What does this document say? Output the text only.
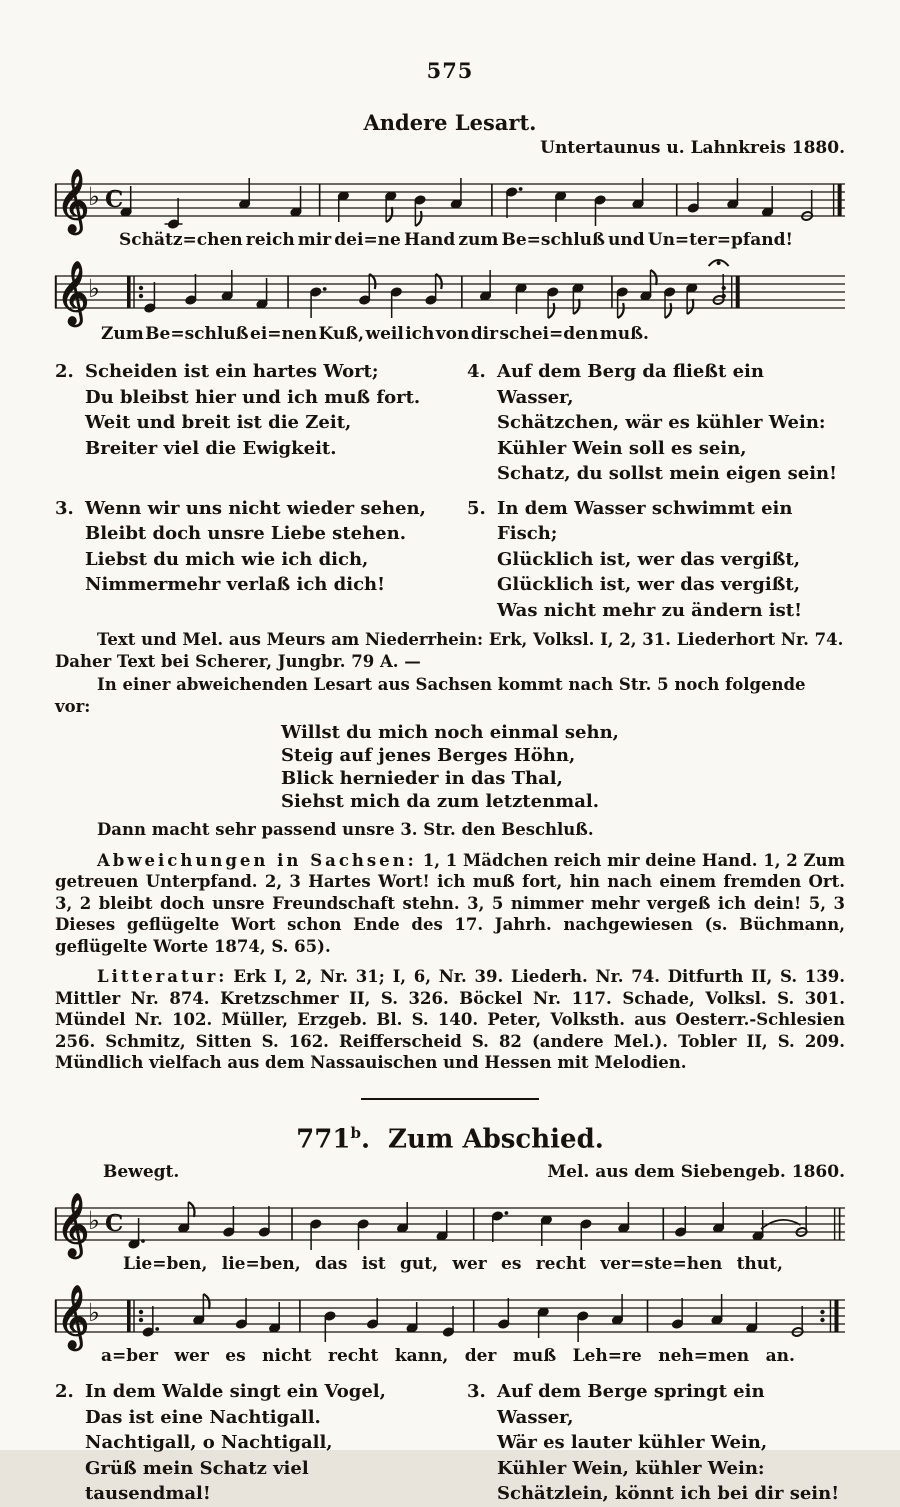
575
Andere Lesart.
Untertaunus u. Lahnkreis 1880.
𝄞 ♭ C
Schätz=chen reich mir dei=ne Hand zum Be=schluß und Un=ter=pfand!
𝄞 ♭
Zum Be=schluß ei=nen Kuß, weil ich von dir schei=den muß.
2. Scheiden ist ein hartes Wort;
Du bleibst hier und ich muß fort.
Weit und breit ist die Zeit,
Breiter viel die Ewigkeit.
4. Auf dem Berg da fließt ein Wasser,
Schätzchen, wär es kühler Wein:
Kühler Wein soll es sein,
Schatz, du sollst mein eigen sein!
3. Wenn wir uns nicht wieder sehen,
Bleibt doch unsre Liebe stehen.
Liebst du mich wie ich dich,
Nimmermehr verlaß ich dich!
5. In dem Wasser schwimmt ein Fisch;
Glücklich ist, wer das vergißt,
Glücklich ist, wer das vergißt,
Was nicht mehr zu ändern ist!

Text und Mel. aus Meurs am Niederrhein: Erk, Volksl. I, 2, 31. Liederhort Nr. 74. Daher Text bei Scherer, Jungbr. 79 A. —

In einer abweichenden Lesart aus Sachsen kommt nach Str. 5 noch folgende vor:

Willst du mich noch einmal sehn,
Steig auf jenes Berges Höhn,
Blick hernieder in das Thal,
Siehst mich da zum letztenmal.

Dann macht sehr passend unsre 3. Str. den Beschluß.

Abweichungen in Sachsen: 1, 1 Mädchen reich mir deine Hand. 1, 2 Zum getreuen Unterpfand. 2, 3 Hartes Wort! ich muß fort, hin nach einem fremden Ort. 3, 2 bleibt doch unsre Freundschaft stehn. 3, 5 nimmer mehr vergeß ich dein! 5, 3 Dieses geflügelte Wort schon Ende des 17. Jahrh. nachgewiesen (s. Büchmann, geflügelte Worte 1874, S. 65).

Litteratur: Erk I, 2, Nr. 31; I, 6, Nr. 39. Liederh. Nr. 74. Ditfurth II, S. 139. Mittler Nr. 874. Kretzschmer II, S. 326. Böckel Nr. 117. Schade, Volksl. S. 301. Mündel Nr. 102. Müller, Erzgeb. Bl. S. 140. Peter, Volksth. aus Oesterr.-Schlesien 256. Schmitz, Sitten S. 162. Reifferscheid S. 82 (andere Mel.). Tobler II, S. 209. Mündlich vielfach aus dem Nassauischen und Hessen mit Melodien.

771$^b$. Zum Abschied.
Bewegt.	Mel. aus dem Siebengeb. 1860.
𝄞 ♭ C
Lie=ben, lie=ben, das ist gut, wer es recht ver=ste=hen thut,
𝄞 ♭
a=ber wer es nicht recht kann, der muß Leh=re neh=men an.
2. In dem Walde singt ein Vogel,
Das ist eine Nachtigall.
Nachtigall, o Nachtigall,
Grüß mein Schatz viel tausendmal!
3. Auf dem Berge springt ein Wasser,
Wär es lauter kühler Wein,
Kühler Wein, kühler Wein:
Schätzlein, könnt ich bei dir sein!
